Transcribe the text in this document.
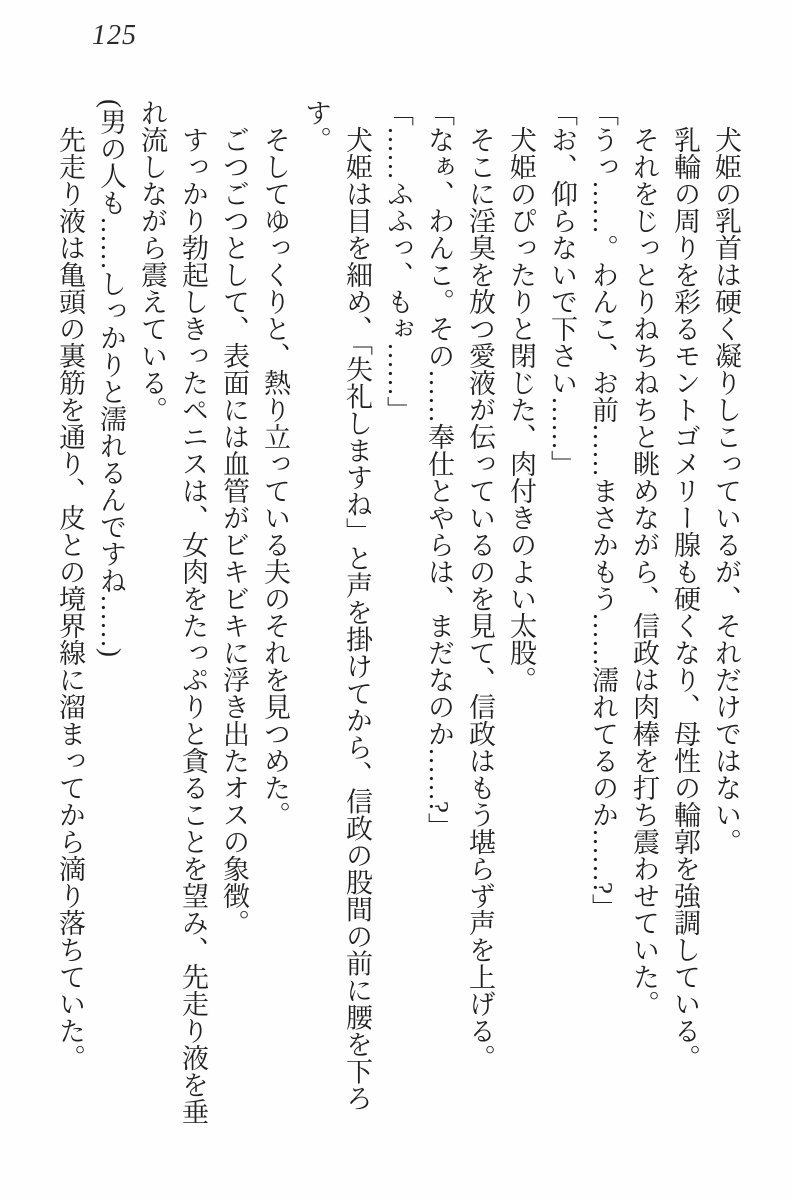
125

犬姫の乳首は硬く凝りしこっているが、それだけではない。

乳輪の周りを彩るモントゴメリー腺も硬くなり、母性の輪郭を強調している。

それをじっとりねちねちと眺めながら、信政は肉棒を打ち震わせていた。

「うっ……。わんこ、お前……まさかもう……濡れてるのか……?」

「お、仰らないで下さい……」

犬姫のぴったりと閉じた、肉付きのよい太股。

そこに淫臭を放つ愛液が伝っているのを見て、信政はもう堪らず声を上げる。

「なぁ、わんこ。その……奉仕とやらは、まだなのか……?」

「……ふふっ、もぉ……」

犬姫は目を細め、「失礼しますね」と声を掛けてから、信政の股間の前に腰を下ろす。

そしてゆっくりと、熱り立っている夫のそれを見つめた。

ごつごつとして、表面には血管がビキビキに浮き出たオスの象徴。

すっかり勃起しきったペニスは、女肉をたっぷりと貪ることを望み、先走り液を垂れ流しながら震えている。

(男の人も……しっかりと濡れるんですね……)

先走り液は亀頭の裏筋を通り、皮との境界線に溜まってから滴り落ちていた。
